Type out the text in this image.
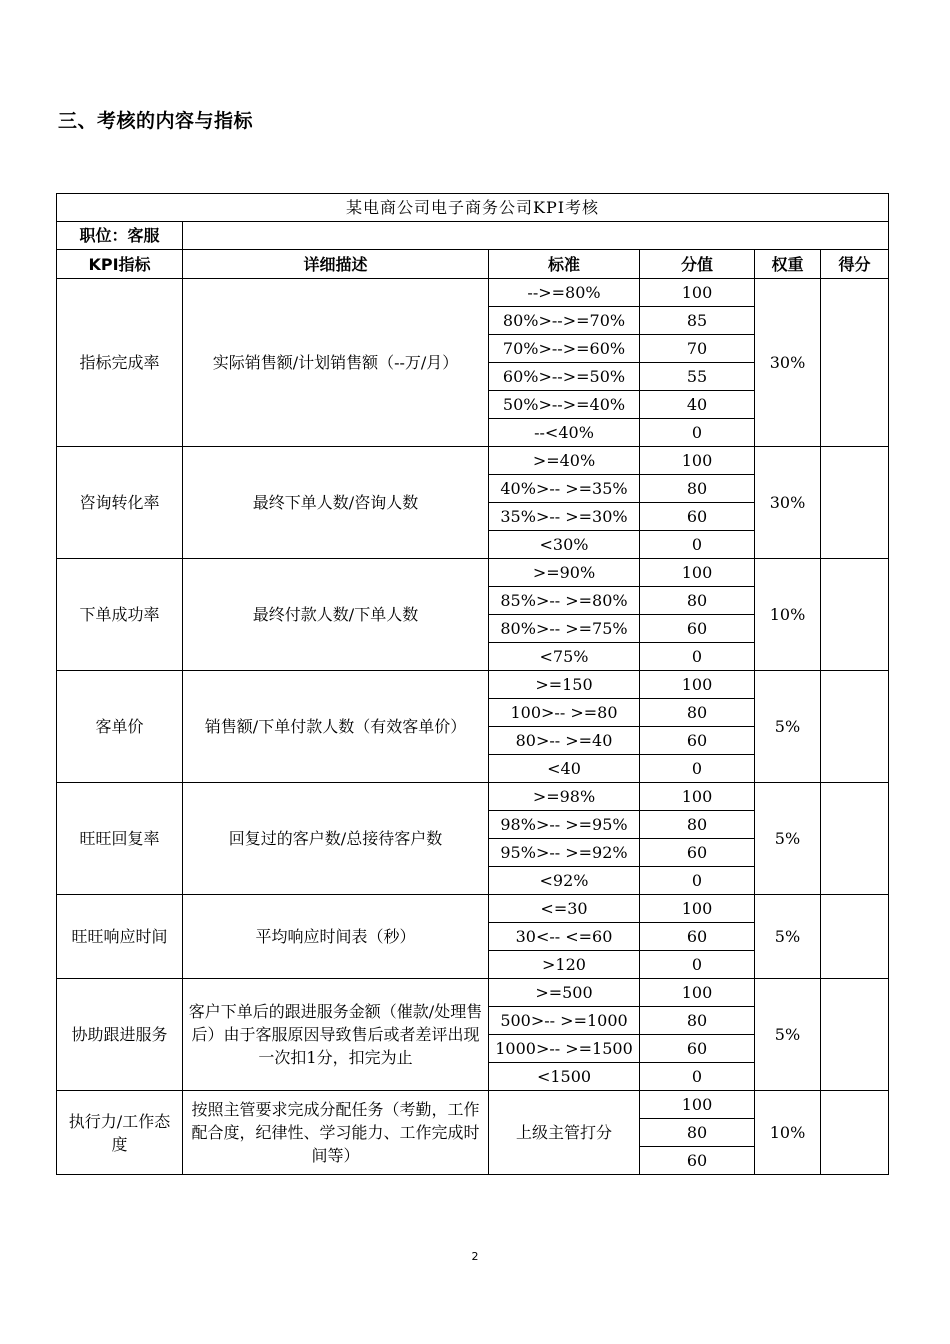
三、考核的内容与指标
某电商公司电子商务公司KPI考核					
职位：客服					
KPI指标	详细描述	标准	分值	权重	得分
指标完成率	实际销售额/计划销售额（--万/月）	-->=80%	100	30%	
		80%>-->=70%	85		
		70%>-->=60%	70		
		60%>-->=50%	55		
		50%>-->=40%	40		
		--<40%	0		
咨询转化率	最终下单人数/咨询人数	>=40%	100	30%	
		40%>-- >=35%	80		
		35%>-- >=30%	60		
		<30%	0		
下单成功率	最终付款人数/下单人数	>=90%	100	10%	
		85%>-- >=80%	80		
		80%>-- >=75%	60		
		<75%	0		
客单价	销售额/下单付款人数（有效客单价）	>=150	100	5%	
		100>-- >=80	80		
		80>-- >=40	60		
		<40	0		
旺旺回复率	回复过的客户数/总接待客户数	>=98%	100	5%	
		98%>-- >=95%	80		
		95%>-- >=92%	60		
		<92%	0		
旺旺响应时间	平均响应时间表（秒）	<=30	100	5%	
		30<-- <=60	60		
		>120	0		
协助跟进服务	客户下单后的跟进服务金额（催款/处理售后）由于客服原因导致售后或者差评出现一次扣1分，扣完为止	>=500	100	5%	
		500>-- >=1000	80		
		1000>-- >=1500	60		
		<1500	0		
执行力/工作态度	按照主管要求完成分配任务（考勤，工作配合度，纪律性、学习能力、工作完成时间等）	上级主管打分	100	10%	
			80		
			60		
2
